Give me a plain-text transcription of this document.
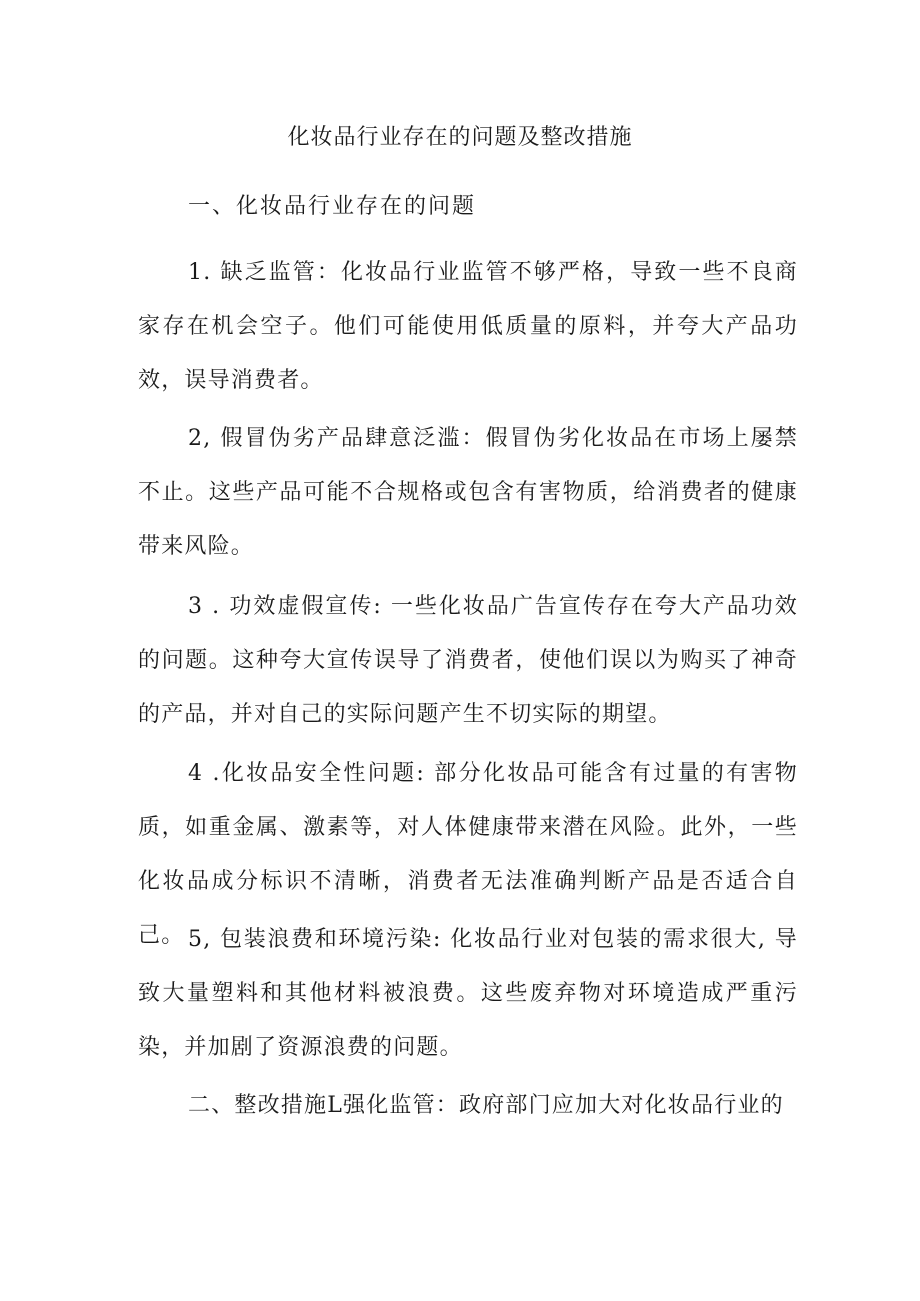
化妆品行业存在的问题及整改措施
一、化妆品行业存在的问题
1. 缺乏监管：化妆品行业监管不够严格，导致一些不良商家存在机会空子。他们可能使用低质量的原料，并夸大产品功效，误导消费者。
2, 假冒伪劣产品肆意泛滥：假冒伪劣化妆品在市场上屡禁不止。这些产品可能不合规格或包含有害物质，给消费者的健康带来风险。
3 . 功效虚假宣传: 一些化妆品广告宣传存在夸大产品功效的问题。这种夸大宣传误导了消费者，使他们误以为购买了神奇的产品，并对自己的实际问题产生不切实际的期望。
4 .化妆品安全性问题: 部分化妆品可能含有过量的有害物质，如重金属、激素等，对人体健康带来潜在风险。此外，一些化妆品成分标识不清晰，消费者无法准确判断产品是否适合自己。 5, 包装浪费和环境污染: 化妆品行业对包装的需求很大, 导致大量塑料和其他材料被浪费。这些废弃物对环境造成严重污染，并加剧了资源浪费的问题。
二、整改措施L强化监管：政府部门应加大对化妆品行业的
